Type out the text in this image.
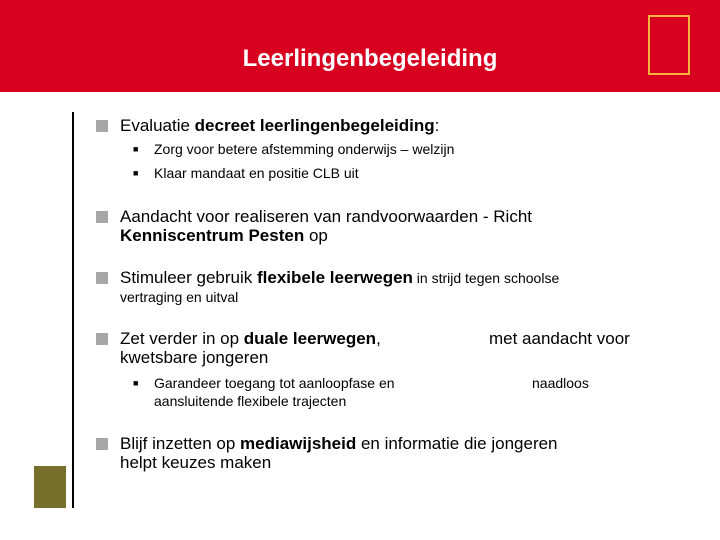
Leerlingenbegeleiding
Evaluatie decreet leerlingenbegeleiding:
■ Zorg voor betere afstemming onderwijs – welzijn
■ Klaar mandaat en positie CLB uit
Aandacht voor realiseren van randvoorwaarden - Richt
Kenniscentrum Pesten op
Stimuleer gebruik flexibele leerwegen in strijd tegen schoolse
vertraging en uitval
Zet verder in op duale leerwegen,	met aandacht voor
kwetsbare jongeren
■ Garandeer toegang tot aanloopfase en	naadloos
aansluitende flexibele trajecten
Blijf inzetten op mediawijsheid en informatie die jongeren
helpt keuzes maken
